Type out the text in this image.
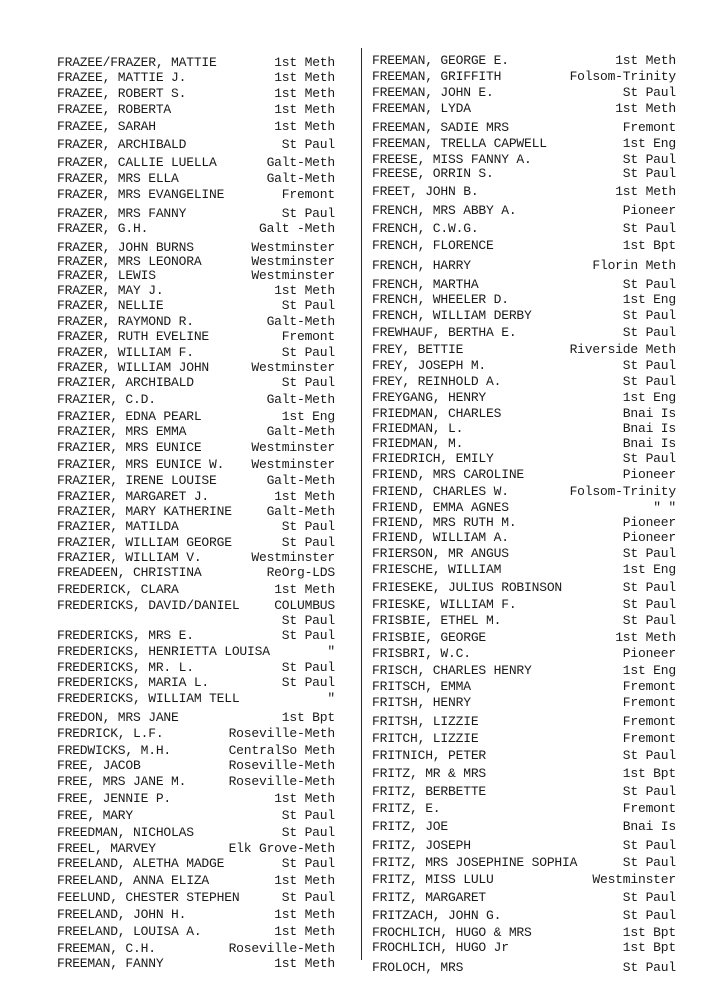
FRAZEE/FRAZER, MATTIE	1st Meth
FRAZEE, MATTIE J.	1st Meth
FRAZEE, ROBERT S.	1st Meth
FRAZEE, ROBERTA	1st Meth
FRAZEE, SARAH	1st Meth
FRAZER, ARCHIBALD	St Paul
FRAZER, CALLIE LUELLA	Galt-Meth
FRAZER, MRS ELLA	Galt-Meth
FRAZER, MRS EVANGELINE	Fremont
FRAZER, MRS FANNY	St Paul
FRAZER, G.H.	Galt -Meth
FRAZER, JOHN BURNS	Westminster
FRAZER, MRS LEONORA	Westminster
FRAZER, LEWIS	Westminster
FRAZER, MAY J.	1st Meth
FRAZER, NELLIE	St Paul
FRAZER, RAYMOND R.	Galt-Meth
FRAZER, RUTH EVELINE	Fremont
FRAZER, WILLIAM F.	St Paul
FRAZER, WILLIAM JOHN	Westminster
FRAZIER, ARCHIBALD	St Paul
FRAZIER, C.D.	Galt-Meth
FRAZIER, EDNA PEARL	1st Eng
FRAZIER, MRS EMMA	Galt-Meth
FRAZIER, MRS EUNICE	Westminster
FRAZIER, MRS EUNICE W. Westminster
FRAZIER, IRENE LOUISE	Galt-Meth
FRAZIER, MARGARET J.	1st Meth
FRAZIER, MARY KATHERINE	Galt-Meth
FRAZIER, MATILDA	St Paul
FRAZIER, WILLIAM GEORGE	St Paul
FRAZIER, WILLIAM V.	Westminster
FREADEEN, CHRISTINA	ReOrg-LDS
FREDERICK, CLARA	1st Meth
FREDERICKS, DAVID/DANIEL	COLUMBUS
St Paul
FREDERICKS, MRS E.	St Paul
FREDERICKS, HENRIETTA LOUISA	"
FREDERICKS, MR. L.	St Paul
FREDERICKS, MARIA L.	St Paul
FREDERICKS, WILLIAM TELL	"
FREDON, MRS JANE	1st Bpt
FREDRICK, L.F.	Roseville-Meth
FREDWICKS, M.H.	CentralSo Meth
FREE, JACOB	Roseville-Meth
FREE, MRS JANE M.	Roseville-Meth
FREE, JENNIE P.	1st Meth
FREE, MARY	St Paul
FREEDMAN, NICHOLAS	St Paul
FREEL, MARVEY	Elk Grove-Meth
FREELAND, ALETHA MADGE	St Paul
FREELAND, ANNA ELIZA	1st Meth
FEELUND, CHESTER STEPHEN	St Paul
FREELAND, JOHN H.	1st Meth
FREELAND, LOUISA A.	1st Meth
FREEMAN, C.H.	Roseville-Meth
FREEMAN, FANNY	1st Meth
FREEMAN, GEORGE E.	1st Meth
FREEMAN, GRIFFITH	Folsom-Trinity
FREEMAN, JOHN E.	St Paul
FREEMAN, LYDA	1st Meth
FREEMAN, SADIE MRS	Fremont
FREEMAN, TRELLA CAPWELL	1st Eng
FREESE, MISS FANNY A.	St Paul
FREESE, ORRIN S.	St Paul
FREET, JOHN B.	1st Meth
FRENCH, MRS ABBY A.	Pioneer
FRENCH, C.W.G.	St Paul
FRENCH, FLORENCE	1st Bpt
FRENCH, HARRY	Florin Meth
FRENCH, MARTHA	St Paul
FRENCH, WHEELER D.	1st Eng
FRENCH, WILLIAM DERBY	St Paul
FREWHAUF, BERTHA E.	St Paul
FREY, BETTIE	Riverside Meth
FREY, JOSEPH M.	St Paul
FREY, REINHOLD A.	St Paul
FREYGANG, HENRY	1st Eng
FRIEDMAN, CHARLES	Bnai Is
FRIEDMAN, L.	Bnai Is
FRIEDMAN, M.	Bnai Is
FRIEDRICH, EMILY	St Paul
FRIEND, MRS CAROLINE	Pioneer
FRIEND, CHARLES W.	Folsom-Trinity
FRIEND, EMMA AGNES	" "
FRIEND, MRS RUTH M.	Pioneer
FRIEND, WILLIAM A.	Pioneer
FRIERSON, MR ANGUS	St Paul
FRIESCHE, WILLIAM	1st Eng
FRIESEKE, JULIUS ROBINSON	St Paul
FRIESKE, WILLIAM F.	St Paul
FRISBIE, ETHEL M.	St Paul
FRISBIE, GEORGE	1st Meth
FRISBRI, W.C.	Pioneer
FRISCH, CHARLES HENRY	1st Eng
FRITSCH, EMMA	Fremont
FRITSH, HENRY	Fremont
FRITSH, LIZZIE	Fremont
FRITCH, LIZZIE	Fremont
FRITNICH, PETER	St Paul
FRITZ, MR & MRS	1st Bpt
FRITZ, BERBETTE	St Paul
FRITZ, E.	Fremont
FRITZ, JOE	Bnai Is
FRITZ, JOSEPH	St Paul
FRITZ, MRS JOSEPHINE SOPHIA	St Paul
FRITZ, MISS LULU	Westminster
FRITZ, MARGARET	St Paul
FRITZACH, JOHN G.	St Paul
FROCHLICH, HUGO & MRS	1st Bpt
FROCHLICH, HUGO Jr	1st Bpt
FROLOCH, MRS	St Paul
